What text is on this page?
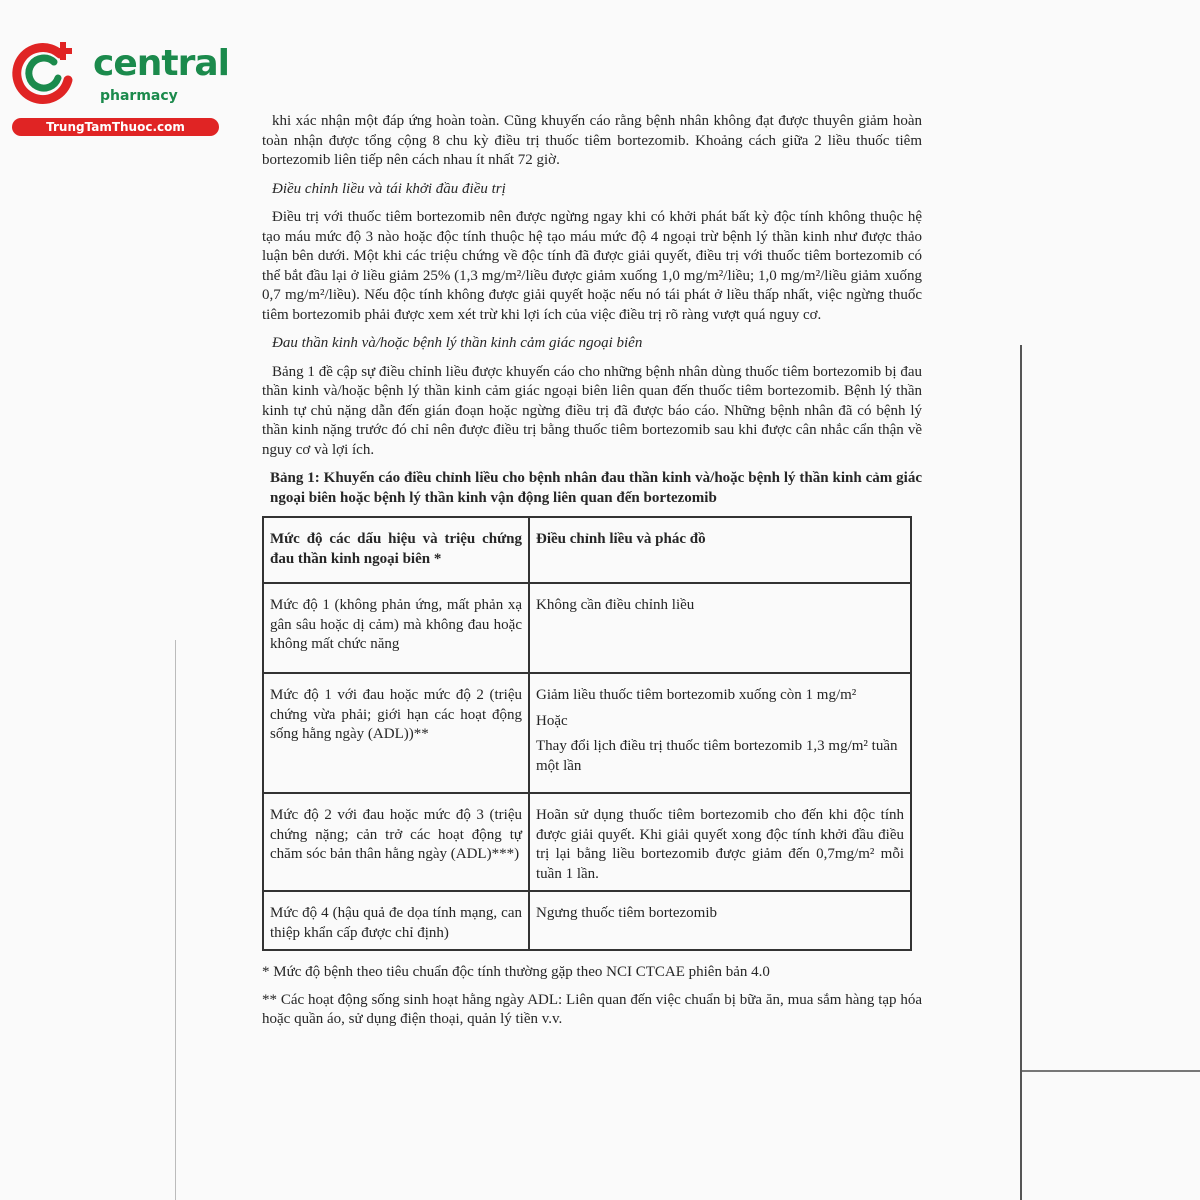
central
pharmacy
TrungTamThuoc.com	khi xác nhận một đáp ứng hoàn toàn. Cũng khuyến cáo rằng bệnh nhân không đạt được thuyên giảm hoàn toàn nhận được tổng cộng 8 chu kỳ điều trị thuốc tiêm bortezomib. Khoảng cách giữa 2 liều thuốc tiêm bortezomib liên tiếp nên cách nhau ít nhất 72 giờ.

Điều chỉnh liều và tái khởi đầu điều trị

Điều trị với thuốc tiêm bortezomib nên được ngừng ngay khi có khởi phát bất kỳ độc tính không thuộc hệ tạo máu mức độ 3 nào hoặc độc tính thuộc hệ tạo máu mức độ 4 ngoại trừ bệnh lý thần kinh như được thảo luận bên dưới. Một khi các triệu chứng về độc tính đã được giải quyết, điều trị với thuốc tiêm bortezomib có thể bắt đầu lại ở liều giảm 25% (1,3 mg/m²/liều được giảm xuống 1,0 mg/m²/liều; 1,0 mg/m²/liều giảm xuống 0,7 mg/m²/liều). Nếu độc tính không được giải quyết hoặc nếu nó tái phát ở liều thấp nhất, việc ngừng thuốc tiêm bortezomib phải được xem xét trừ khi lợi ích của việc điều trị rõ ràng vượt quá nguy cơ.

Đau thần kinh và/hoặc bệnh lý thần kinh cảm giác ngoại biên

Bảng 1 đề cập sự điều chỉnh liều được khuyến cáo cho những bệnh nhân dùng thuốc tiêm bortezomib bị đau thần kinh và/hoặc bệnh lý thần kinh cảm giác ngoại biên liên quan đến thuốc tiêm bortezomib. Bệnh lý thần kinh tự chủ nặng dẫn đến gián đoạn hoặc ngừng điều trị đã được báo cáo. Những bệnh nhân đã có bệnh lý thần kinh nặng trước đó chỉ nên được điều trị bằng thuốc tiêm bortezomib sau khi được cân nhắc cẩn thận về nguy cơ và lợi ích.

Bảng 1: Khuyến cáo điều chỉnh liều cho bệnh nhân đau thần kinh và/hoặc bệnh lý thần kinh cảm giác ngoại biên hoặc bệnh lý thần kinh vận động liên quan đến bortezomib

Mức độ các dấu hiệu và triệu chứng đau thần kinh ngoại biên *	Điều chỉnh liều và phác đồ
Mức độ 1 (không phản ứng, mất phản xạ gân sâu hoặc dị cảm) mà không đau hoặc không mất chức năng	Không cần điều chỉnh liều
Mức độ 1 với đau hoặc mức độ 2 (triệu chứng vừa phải; giới hạn các hoạt động sống hằng ngày (ADL))**	Giảm liều thuốc tiêm bortezomib xuống còn 1 mg/m²
Hoặc
Thay đổi lịch điều trị thuốc tiêm bortezomib 1,3 mg/m² tuần một lần

Mức độ 2 với đau hoặc mức độ 3 (triệu chứng nặng; cản trở các hoạt động tự chăm sóc bản thân hằng ngày (ADL)***)	Hoãn sử dụng thuốc tiêm bortezomib cho đến khi độc tính được giải quyết. Khi giải quyết xong độc tính khởi đầu điều trị lại bằng liều bortezomib được giảm đến 0,7mg/m² mỗi tuần 1 lần.
Mức độ 4 (hậu quả đe dọa tính mạng, can thiệp khẩn cấp được chỉ định)	Ngưng thuốc tiêm bortezomib

* Mức độ bệnh theo tiêu chuẩn độc tính thường gặp theo NCI CTCAE phiên bản 4.0

** Các hoạt động sống sinh hoạt hằng ngày ADL: Liên quan đến việc chuẩn bị bữa ăn, mua sắm hàng tạp hóa hoặc quần áo, sử dụng điện thoại, quản lý tiền v.v.
